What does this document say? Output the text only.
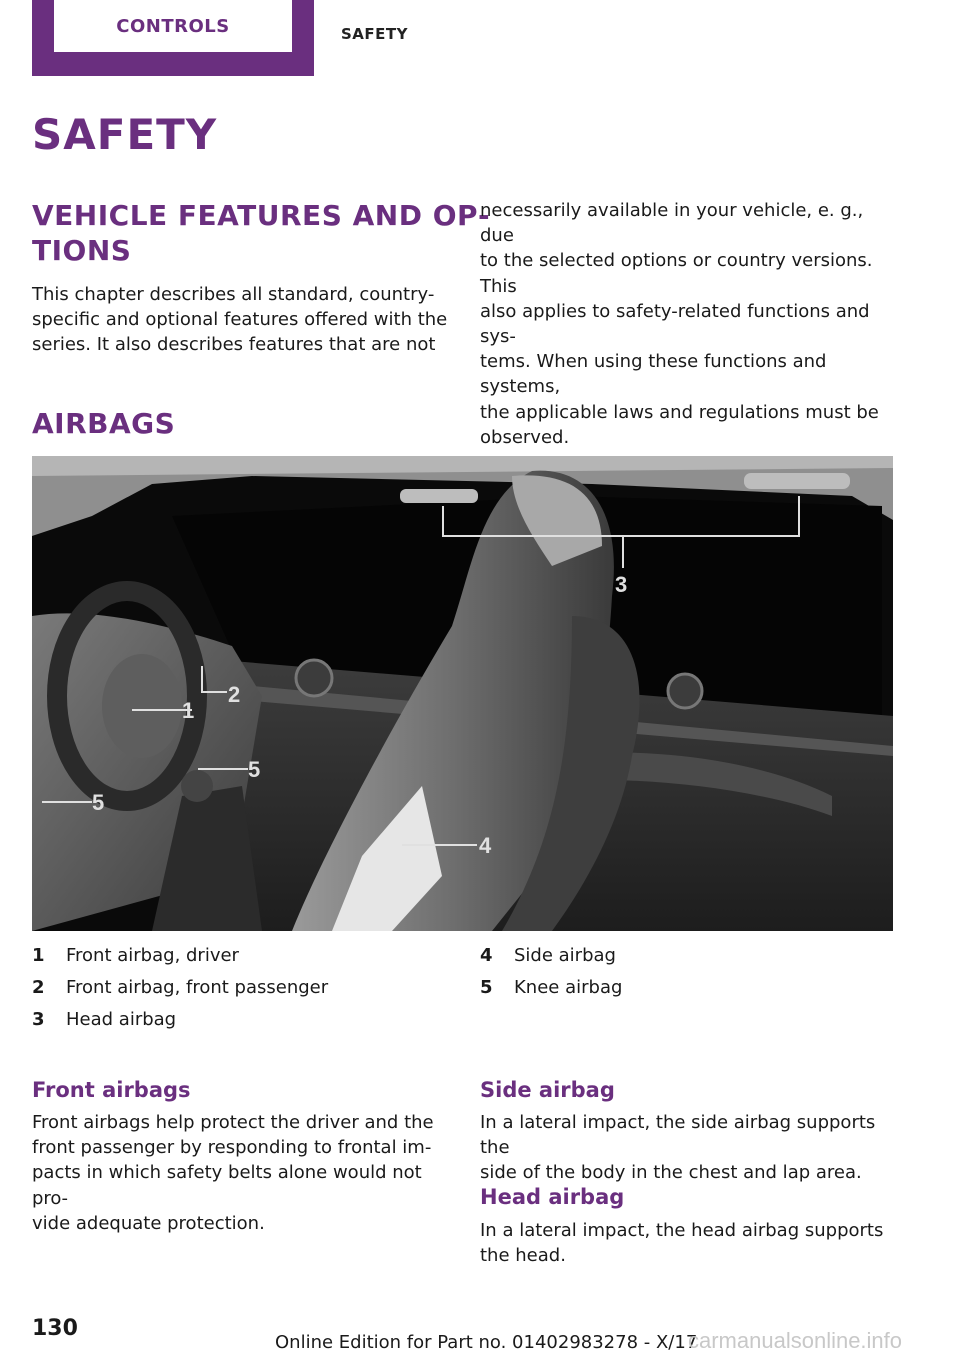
CONTROLS	SAFETY
SAFETY
VEHICLE FEATURES AND OP‐
TIONS
This chapter describes all standard, country-
specific and optional features offered with the
series. It also describes features that are not
necessarily available in your vehicle, e. g., due
to the selected options or country versions. This
also applies to safety-related functions and sys‐
tems. When using these functions and systems,
the applicable laws and regulations must be
observed.
AIRBAGS
1
2
3
4
5
5
1	Front airbag, driver
2	Front airbag, front passenger
3	Head airbag
4	Side airbag
5	Knee airbag
Front airbags
Front airbags help protect the driver and the
front passenger by responding to frontal im‐
pacts in which safety belts alone would not pro‐
vide adequate protection.
Side airbag
In a lateral impact, the side airbag supports the
side of the body in the chest and lap area.
Head airbag
In a lateral impact, the head airbag supports
the head.
130
Online Edition for Part no. 01402983278 - X/17
carmanualsonline.info
